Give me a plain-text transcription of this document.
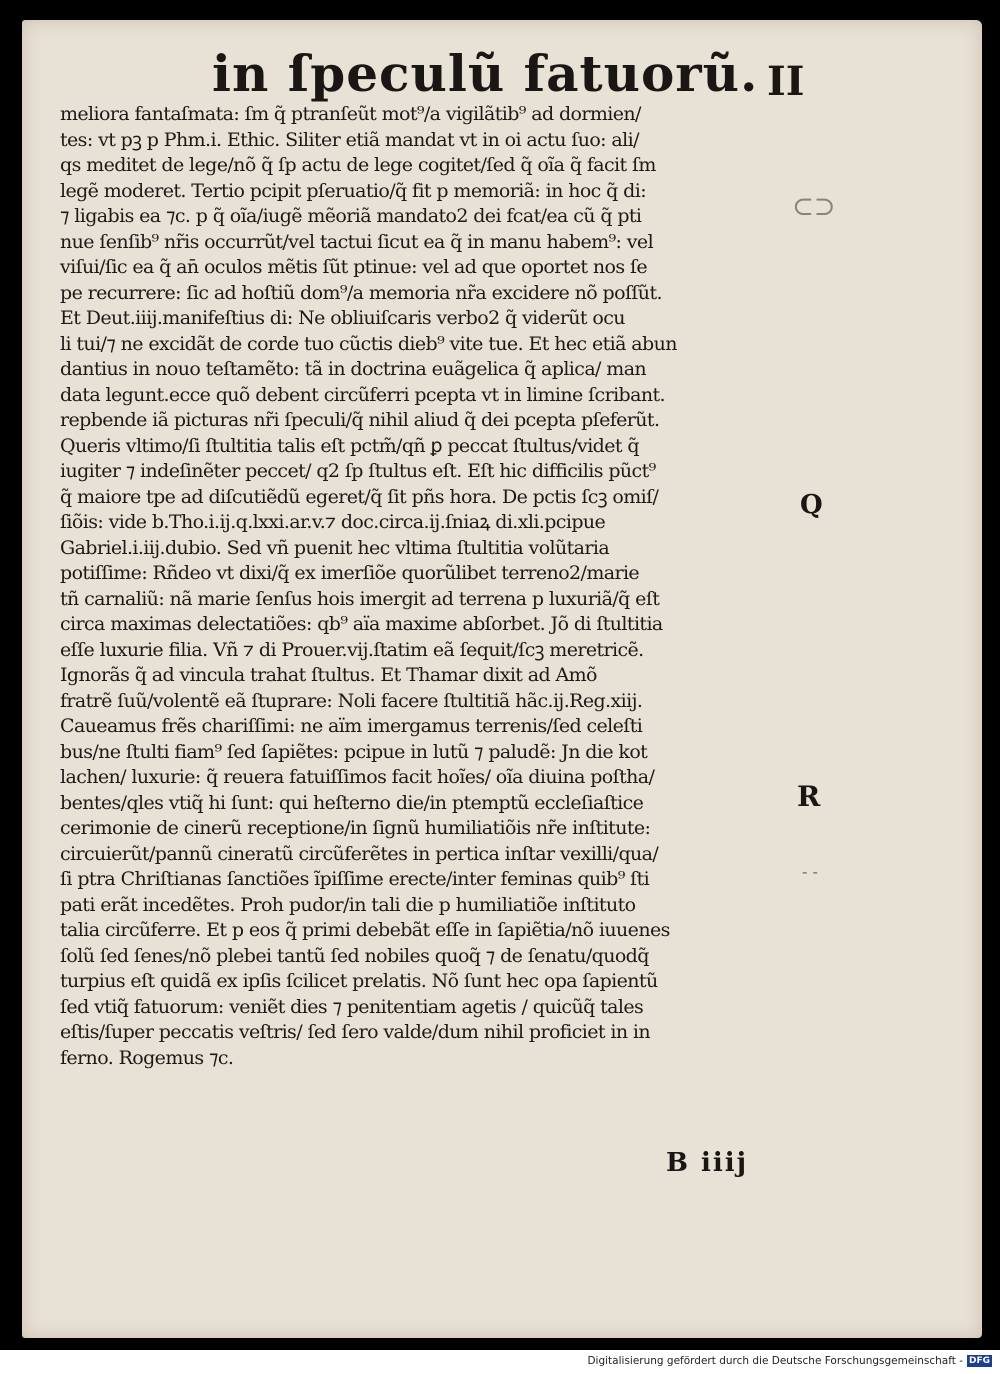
in ſpeculũ fatuorũ. II
meliora fantaſmata: ſm q̃ ptranſeũt mot⁹/a vigilãtib⁹ ad dormien/
tes: vt pꝫ p Phm.i. Ethic. Siliter etiã mandat vt in oi actu ſuo: ali/
qs meditet de lege/nõ q̃ ſp actu de lege cogitet/ſed q̃ oĩa q̃ facit ſm
legẽ moderet. Tertio pcipit pſeruatio/q̃ fit p memoriã: in hoc q̃ di:
⁊ ligabis ea ⁊c. p q̃ oĩa/iugẽ mẽoriã mandato2 dei fcat/ea cũ q̃ pti
nue ſenſib⁹ nr̃is occurrũt/vel tactui ſicut ea q̃ in manu habem⁹: vel
viſui/ſic ea q̃ an̄ oculos mẽtis ſũt ptinue: vel ad que oportet nos ſe
pe recurrere: ſic ad hoſtiũ dom⁹/a memoria nr̃a excidere nõ poſſũt.
Et Deut.iiij.manifeſtius di: Ne obliuiſcaris verbo2 q̃ viderũt ocu
li tui/⁊ ne excidãt de corde tuo cũctis dieb⁹ vite tue. Et hec etiã abun
dantius in nouo teſtamẽto: tã in doctrina euãgelica q̃ aplica/ man
data legunt.ecce quõ debent circũferri pcepta vt in limine ſcribant.
repbende iã picturas nr̃i ſpeculi/q̃ nihil aliud q̃ dei pcepta pſeferũt.
Queris vltimo/ſi ſtultitia talis eſt pctm̃/qñ ꝑ peccat ſtultus/videt q̃
iugiter ⁊ indeſinẽter peccet/ q2 ſp ſtultus eſt. Eſt hic difficilis pũct⁹
q̃ maiore tpe ad diſcutiẽdũ egeret/q̃ ſit pñs hora. De pctis ſcꝫ omiſ/
ſiõis: vide b.Tho.i.ij.q.lxxi.ar.v.⁊ doc.circa.ij.ſniaꝝ di.xli.pcipue
Gabriel.i.iij.dubio. Sed vñ puenit hec vltima ſtultitia volũtaria
potiſſime: Rñdeo vt dixi/q̃ ex imerſiõe quorũlibet terreno2/marie
tñ carnaliũ: nã marie ſenſus hois imergit ad terrena p luxuriã/q̃ eſt
circa maximas delectatiões: qb⁹ aïa maxime abſorbet. Jõ di ſtultitia
eſſe luxurie filia. Vñ ⁊ di Prouer.vij.ſtatim eã ſequit/ſcꝫ meretricẽ.
Ignorãs q̃ ad vincula trahat ſtultus. Et Thamar dixit ad Amõ
fratrẽ ſuũ/volentẽ eã ſtuprare: Noli facere ſtultitiã hãc.ij.Reg.xiij.
Caueamus frẽs chariſſimi: ne aïm imergamus terrenis/ſed celeſti
bus/ne ſtulti fiam⁹ ſed ſapiẽtes: pcipue in lutũ ⁊ paludẽ: Jn die kot
lachen/ luxurie: q̃ reuera fatuiſſimos facit hoĩes/ oĩa diuina poſtha/
bentes/qles vtiq̃ hi ſunt: qui heſterno die/in ptemptũ eccleſiaſtice
cerimonie de cinerũ receptione/in ſignũ humiliatiõis nr̃e inſtitute:
circuierũt/pannũ cineratũ circũferẽtes in pertica inſtar vexilli/qua/
ſi ptra Chriſtianas ſanctiões ĩpiſſime erecte/inter feminas quib⁹ ſti
pati erãt incedẽtes. Proh pudor/in tali die p humiliatiõe inſtituto
talia circũferre. Et p eos q̃ primi debebãt eſſe in ſapiẽtia/nõ iuuenes
ſolũ ſed ſenes/nõ plebei tantũ ſed nobiles quoq̃ ⁊ de ſenatu/quodq̃
turpius eſt quidã ex ipſis ſcilicet prelatis. Nõ ſunt hec opa ſapientũ
ſed vtiq̃ fatuorum: veniẽt dies ⁊ penitentiam agetis / quicũq̃ tales
eſtis/ſuper peccatis veſtris/ ſed ſero valde/dum nihil proficiet in in
ferno. Rogemus ⁊c.
⊂⊃
Q
R
- -
B iiij
Digitalisierung gefördert durch die Deutsche Forschungsgemeinschaft - DFG
